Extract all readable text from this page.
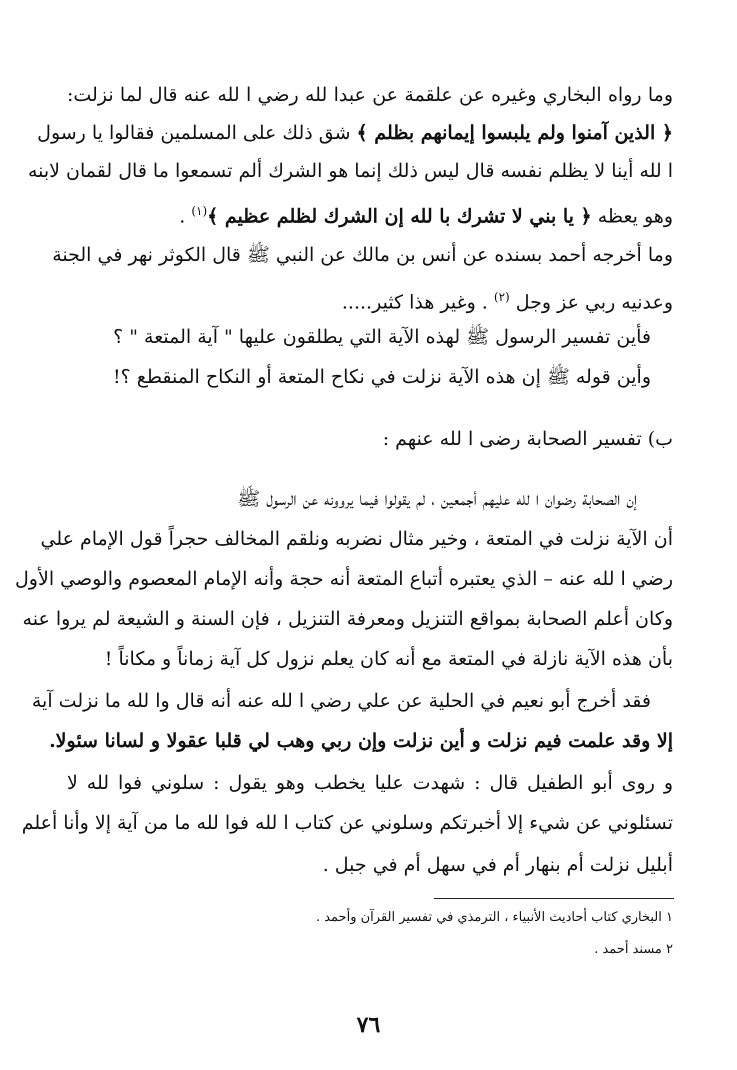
وما رواه البخاري وغيره عن علقمة عن عبدا لله رضي ا لله عنه قال لما نزلت:
﴿ الذين آمنوا ولم يلبسوا إيمانهم بظلم ﴾ شق ذلك على المسلمين فقالوا يا رسول
ا لله أينا لا يظلم نفسه قال ليس ذلك إنما هو الشرك ألم تسمعوا ما قال لقمان لابنه
وهو يعظه ﴿ يا بني لا تشرك با لله إن الشرك لظلم عظيم ﴾$^{(١)}$ .
وما أخرجه أحمد بسنده عن أنس بن مالك عن النبي ﷺ قال الكوثر نهر في الجنة
وعدنيه ربي عز وجل $^{(٢)}$ . وغير هذا كثير.....
فأين تفسير الرسول ﷺ لهذه الآية التي يطلقون عليها " آية المتعة " ؟
وأين قوله ﷺ إن هذه الآية نزلت في نكاح المتعة أو النكاح المنقطع ؟!
ب) تفسير الصحابة رضى ا لله عنهم :
إن الصحابة رضوان ا لله عليهم أجمعين ، لم يقولوا فيما يروونه عن الرسول ﷺ
أن الآية نزلت في المتعة ، وخير مثال نضربه ونلقم المخالف حجراً قول الإمام علي
رضي ا لله عنه – الذي يعتبره أتباع المتعة أنه حجة وأنه الإمام المعصوم والوصي الأول
وكان أعلم الصحابة بمواقع التنزيل ومعرفة التنزيل ، فإن السنة و الشيعة لم يروا عنه
بأن هذه الآية نازلة في المتعة مع أنه كان يعلم نزول كل آية زماناً و مكاناً !
فقد أخرج أبو نعيم في الحلية عن علي رضي ا لله عنه أنه قال وا لله ما نزلت آية
إلا وقد علمت فيم نزلت و أين نزلت وإن ربي وهب لي قلبا عقولا و لسانا سئولا.
و روى أبو الطفيل قال : شهدت عليا يخطب وهو يقول : سلوني فوا لله لا
تسئلوني عن شيء إلا أخبرتكم وسلوني عن كتاب ا لله فوا لله ما من آية إلا وأنا أعلم
أبليل نزلت أم بنهار أم في سهل أم في جبل .
١ البخاري كتاب أحاديث الأنبياء ، الترمذي في تفسير القرآن وأحمد .
٢ مسند أحمد .
٧٦
